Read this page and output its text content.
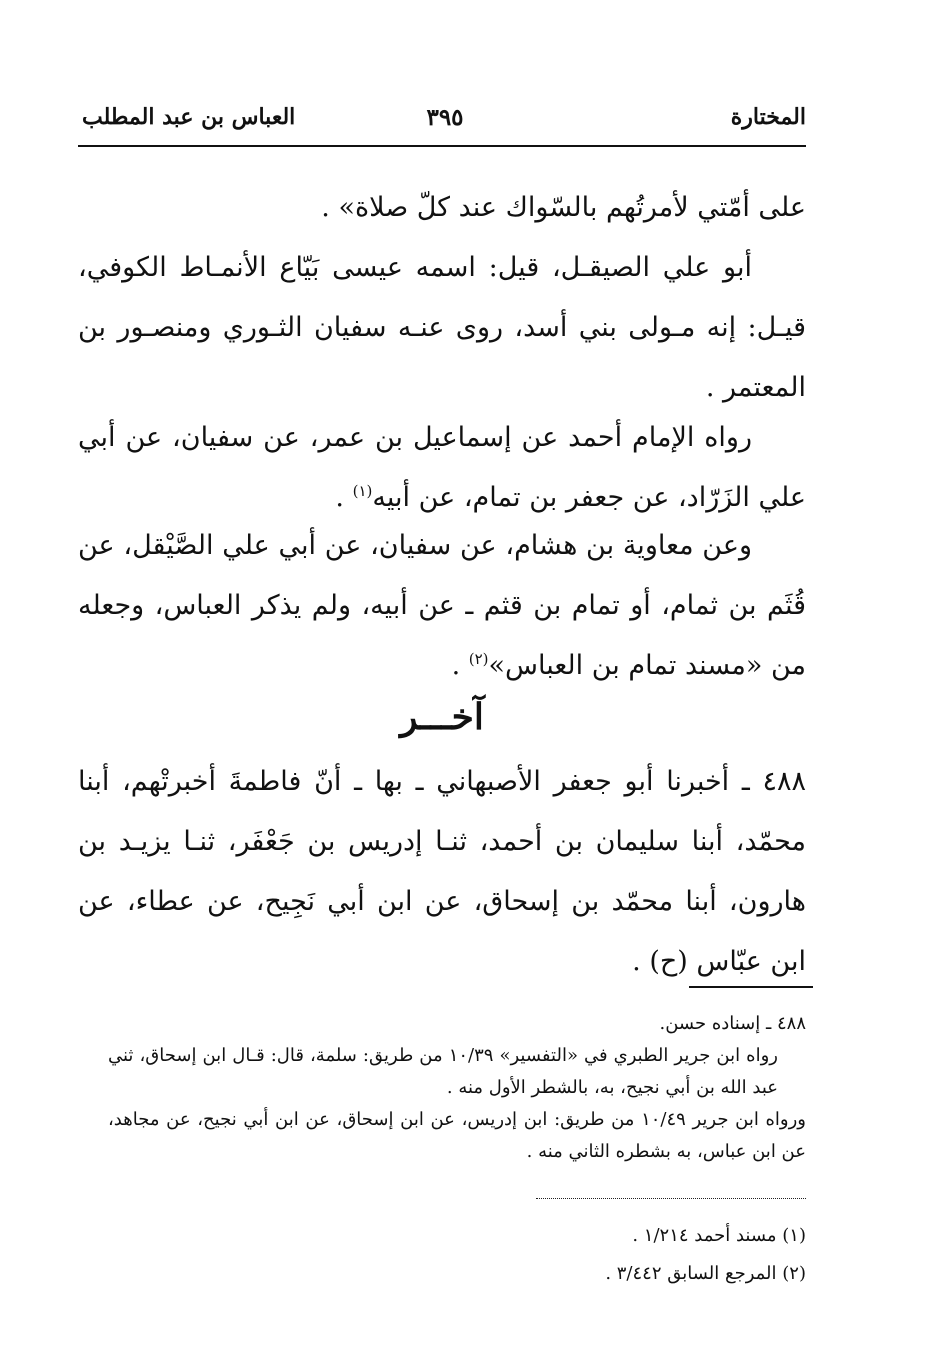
العباس بن عبد المطلب	٣٩٥	المختارة
على أمّتي لأمرتُهم بالسّواك عند كلّ صلاة» .
أبو علي الصيقـل، قيل: اسمه عيسى بَيّاع الأنمـاط الكوفي، قيـل: إنه مـولى بني أسد، روى عنـه سفيان الثـوري ومنصـور بن المعتمر .
رواه الإمام أحمد عن إسماعيل بن عمر، عن سفيان، عن أبي علي الزَرّاد، عن جعفر بن تمام، عن أبيه$^{(١)}$ .
وعن معاوية بن هشام، عن سفيان، عن أبي علي الصَّيْقل، عن قُثَم بن ثمام، أو تمام بن قثم ـ عن أبيه، ولم يذكر العباس، وجعله من «مسند تمام بن العباس»$^{(٢)}$ .
آخـــر
٤٨٨ ـ أخبرنا أبو جعفر الأصبهاني ـ بها ـ أنّ فاطمةَ أخبرتْهم، أبنا محمّد، أبنا سليمان بن أحمد، ثنـا إدريس بن جَعْفَر، ثنـا يزيـد بن هارون، أبنا محمّد بن إسحاق، عن ابن أبي نَجِيح، عن عطاء، عن ابن عبّاس (ح) .
٤٨٨ ـ إسناده حسن.
رواه ابن جرير الطبري في «التفسير» ١٠/٣٩ من طريق: سلمة، قال: قـال ابن إسحاق، ثني عبد الله بن أبي نجيح، به، بالشطر الأول منه .
ورواه ابن جرير ١٠/٤٩ من طريق: ابن إدريس، عن ابن إسحاق، عن ابن أبي نجيح، عن مجاهد، عن ابن عباس، به بشطره الثاني منه .
(١) مسند أحمد ١/٢١٤ .
(٢) المرجع السابق ٣/٤٤٢ .
